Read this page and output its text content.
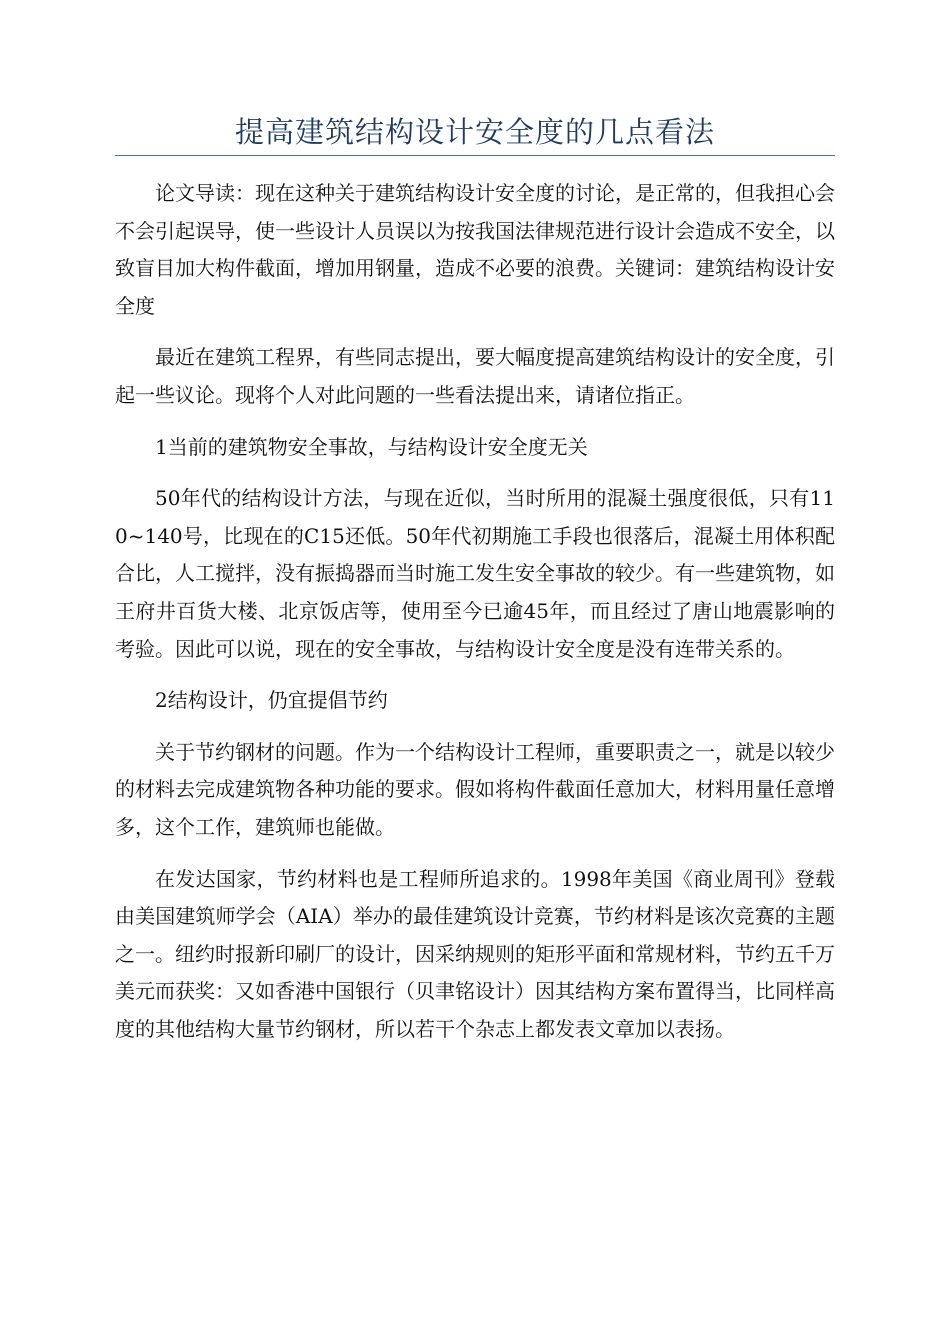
提高建筑结构设计安全度的几点看法

论文导读：现在这种关于建筑结构设计安全度的讨论，是正常的，但我担心会不会引起误导，使一些设计人员误以为按我国法律规范进行设计会造成不安全，以致盲目加大构件截面，增加用钢量，造成不必要的浪费。关键词：建筑结构设计安全度

最近在建筑工程界，有些同志提出，要大幅度提高建筑结构设计的安全度，引起一些议论。现将个人对此问题的一些看法提出来，请诸位指正。

1当前的建筑物安全事故，与结构设计安全度无关

50年代的结构设计方法，与现在近似，当时所用的混凝土强度很低，只有110~140号，比现在的C15还低。50年代初期施工手段也很落后，混凝土用体积配合比，人工搅拌，没有振捣器而当时施工发生安全事故的较少。有一些建筑物，如王府井百货大楼、北京饭店等，使用至今已逾45年，而且经过了唐山地震影响的考验。因此可以说，现在的安全事故，与结构设计安全度是没有连带关系的。

2结构设计，仍宜提倡节约

关于节约钢材的问题。作为一个结构设计工程师，重要职责之一，就是以较少的材料去完成建筑物各种功能的要求。假如将构件截面任意加大，材料用量任意增多，这个工作，建筑师也能做。

在发达国家，节约材料也是工程师所追求的。1998年美国《商业周刊》登载由美国建筑师学会（AIA）举办的最佳建筑设计竞赛，节约材料是该次竞赛的主题之一。纽约时报新印刷厂的设计，因采纳规则的矩形平面和常规材料，节约五千万美元而获奖：又如香港中国银行（贝聿铭设计）因其结构方案布置得当，比同样高度的其他结构大量节约钢材，所以若干个杂志上都发表文章加以表扬。
